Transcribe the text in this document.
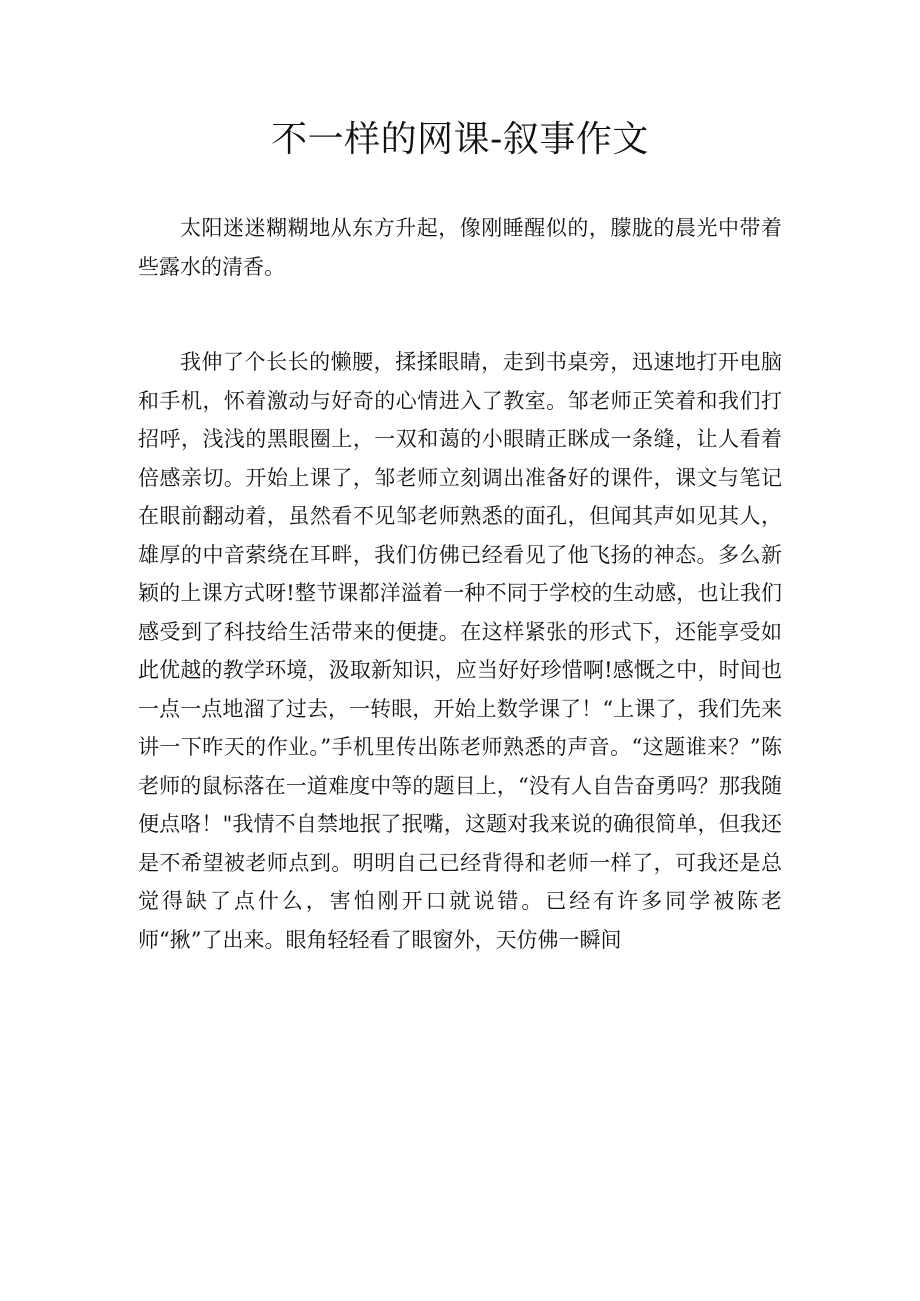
不一样的网课-叙事作文

太阳迷迷糊糊地从东方升起，像刚睡醒似的，朦胧的晨光中带着些露水的清香。

我伸了个长长的懒腰，揉揉眼睛，走到书桌旁，迅速地打开电脑和手机，怀着激动与好奇的心情进入了教室。邹老师正笑着和我们打招呼，浅浅的黑眼圈上，一双和蔼的小眼睛正眯成一条缝，让人看着倍感亲切。开始上课了，邹老师立刻调出准备好的课件，课文与笔记在眼前翻动着，虽然看不见邹老师熟悉的面孔，但闻其声如见其人，雄厚的中音萦绕在耳畔，我们仿佛已经看见了他飞扬的神态。多么新颖的上课方式呀!整节课都洋溢着一种不同于学校的生动感，也让我们感受到了科技给生活带来的便捷。在这样紧张的形式下，还能享受如此优越的教学环境，汲取新知识，应当好好珍惜啊!感慨之中，时间也一点一点地溜了过去，一转眼，开始上数学课了！“上课了，我们先来讲一下昨天的作业。”手机里传出陈老师熟悉的声音。“这题谁来？”陈老师的鼠标落在一道难度中等的题目上，“没有人自告奋勇吗？那我随便点咯！"我情不自禁地抿了抿嘴，这题对我来说的确很简单，但我还是不希望被老师点到。明明自己已经背得和老师一样了，可我还是总觉得缺了点什么，害怕刚开口就说错。已经有许多同学被陈老师“揪”了出来。眼角轻轻看了眼窗外，天仿佛一瞬间
